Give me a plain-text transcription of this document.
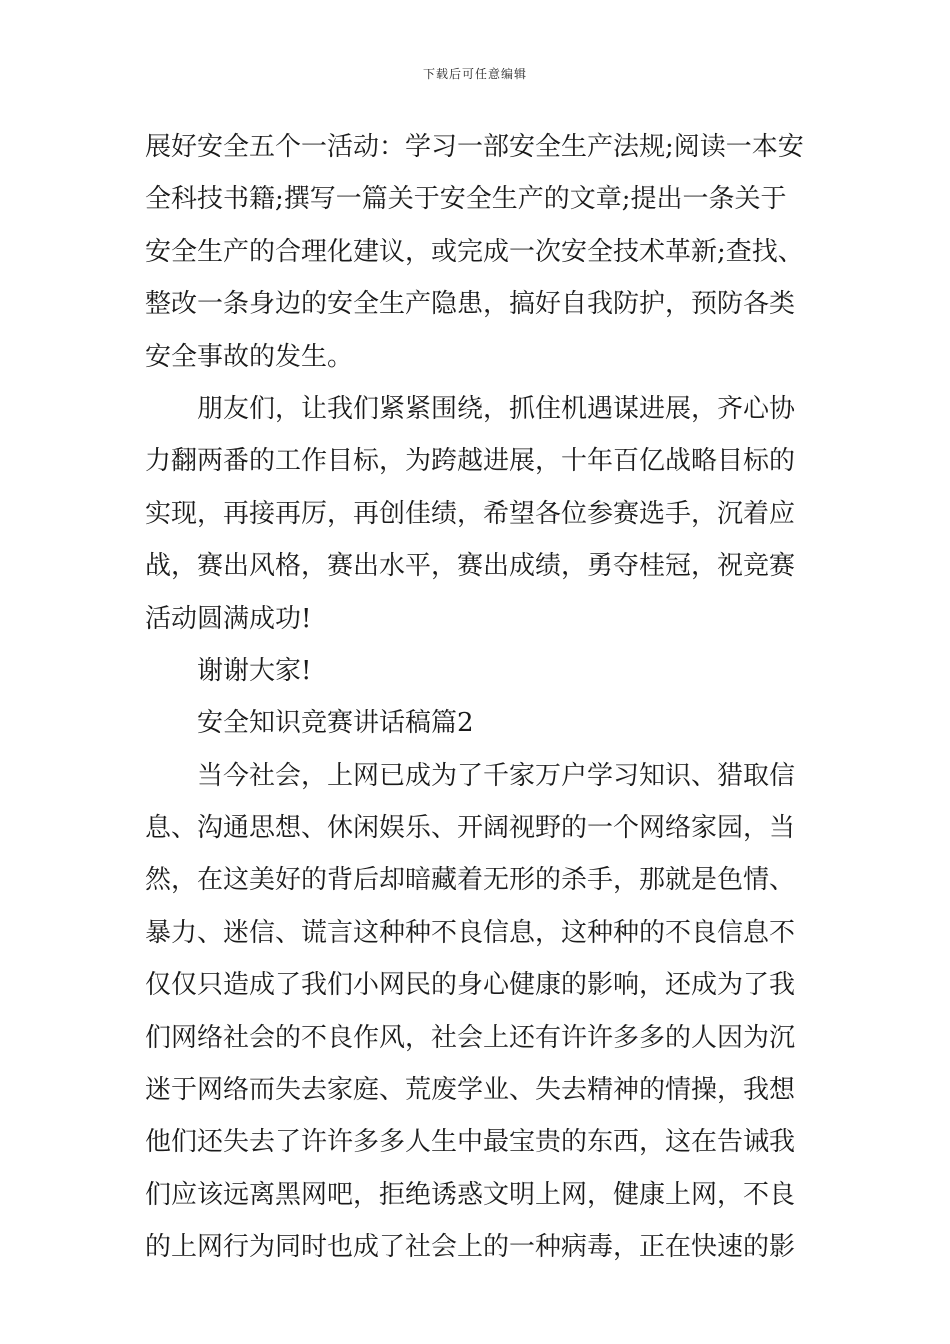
下载后可任意编辑
展好安全五个一活动：学习一部安全生产法规;阅读一本安
全科技书籍;撰写一篇关于安全生产的文章;提出一条关于
安全生产的合理化建议，或完成一次安全技术革新;查找、
整改一条身边的安全生产隐患，搞好自我防护，预防各类
安全事故的发生。
朋友们，让我们紧紧围绕，抓住机遇谋进展，齐心协
力翻两番的工作目标，为跨越进展，十年百亿战略目标的
实现，再接再厉，再创佳绩，希望各位参赛选手，沉着应
战，赛出风格，赛出水平，赛出成绩，勇夺桂冠，祝竞赛
活动圆满成功!
谢谢大家!
安全知识竞赛讲话稿篇2
当今社会，上网已成为了千家万户学习知识、猎取信
息、沟通思想、休闲娱乐、开阔视野的一个网络家园，当
然，在这美好的背后却暗藏着无形的杀手，那就是色情、
暴力、迷信、谎言这种种不良信息，这种种的不良信息不
仅仅只造成了我们小网民的身心健康的影响，还成为了我
们网络社会的不良作风，社会上还有许许多多的人因为沉
迷于网络而失去家庭、荒废学业、失去精神的情操，我想
他们还失去了许许多多人生中最宝贵的东西，这在告诫我
们应该远离黑网吧，拒绝诱惑文明上网，健康上网，不良
的上网行为同时也成了社会上的一种病毒，正在快速的影
